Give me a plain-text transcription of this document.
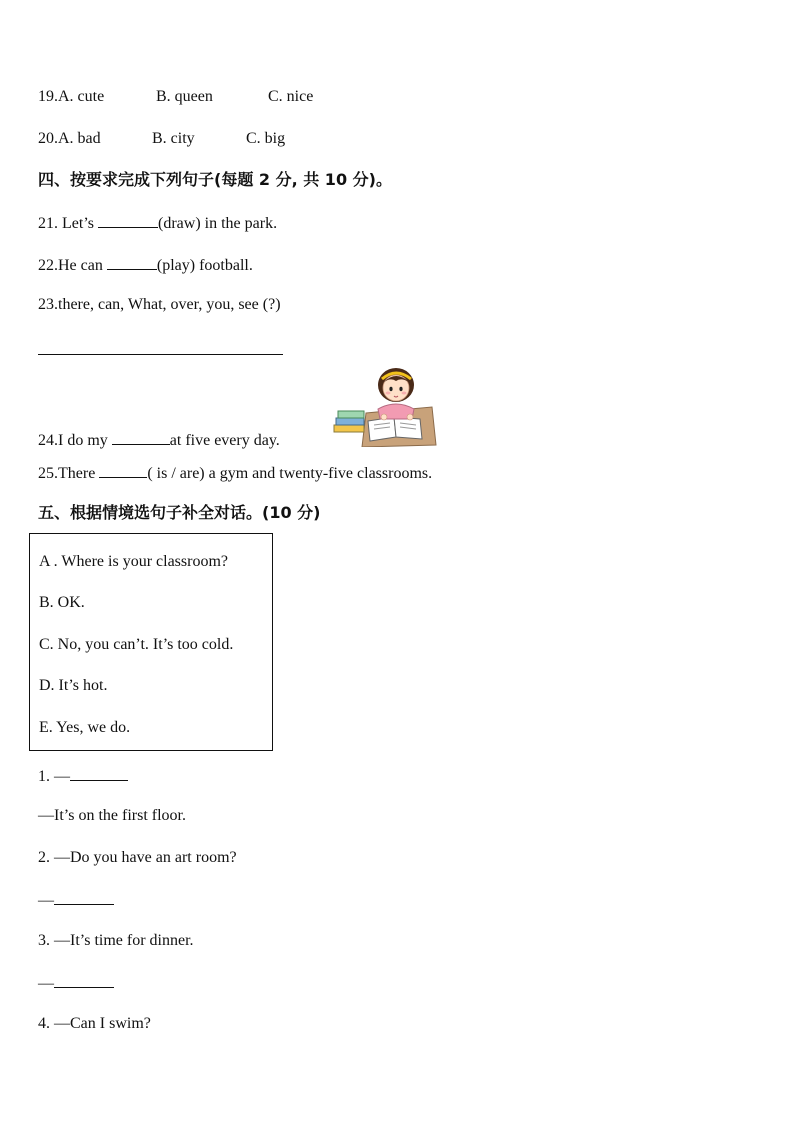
19.A. cute	B. queen	C. nice
20.A. bad	B. city	C. big
四、按要求完成下列句子(每题 2 分, 共 10 分)。
21. Let’s	(draw) in the park.
22.He can	(play) football.
23.there, can, What, over, you, see (?)
24.I do my	at five every day.
25.There	( is / are) a gym and twenty-five classrooms.
五、根据情境选句子补全对话。(10 分)
A . Where is your classroom?
B. OK.
C. No, you can’t. It’s too cold.
D. It’s hot.
E. Yes, we do.
1. —
—It’s on the first floor.
2. —Do you have an art room?
—
3. —It’s time for dinner.
—
4. —Can I swim?
